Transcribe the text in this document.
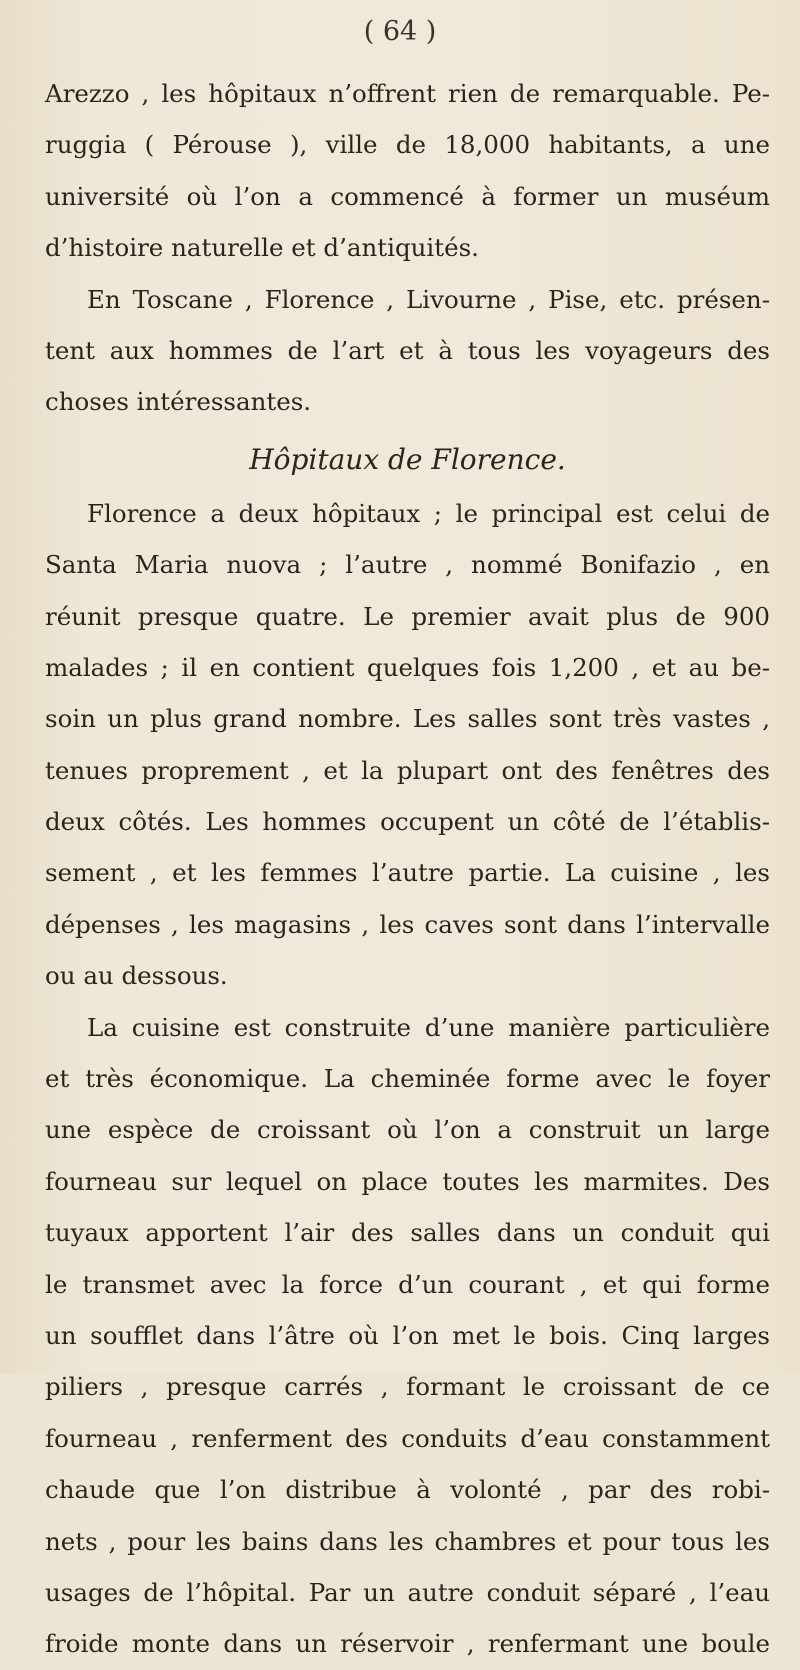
( 64 )
Arezzo , les hôpitaux n’offrent rien de remarquable. Pe-
ruggia ( Pérouse ), ville de 18,000 habitants, a une
université où l’on a commencé à former un muséum
d’histoire naturelle et d’antiquités.
En Toscane , Florence , Livourne , Pise, etc. présen-
tent aux hommes de l’art et à tous les voyageurs des
choses intéressantes.
Hôpitaux de Florence.
Florence a deux hôpitaux ; le principal est celui de
Santa Maria nuova ; l’autre , nommé Bonifazio , en
réunit presque quatre. Le premier avait plus de 900
malades ; il en contient quelques fois 1,200 , et au be-
soin un plus grand nombre. Les salles sont très vastes ,
tenues proprement , et la plupart ont des fenêtres des
deux côtés. Les hommes occupent un côté de l’établis-
sement , et les femmes l’autre partie. La cuisine , les
dépenses , les magasins , les caves sont dans l’intervalle
ou au dessous.
La cuisine est construite d’une manière particulière
et très économique. La cheminée forme avec le foyer
une espèce de croissant où l’on a construit un large
fourneau sur lequel on place toutes les marmites. Des
tuyaux apportent l’air des salles dans un conduit qui
le transmet avec la force d’un courant , et qui forme
un soufflet dans l’âtre où l’on met le bois. Cinq larges
piliers , presque carrés , formant le croissant de ce
fourneau , renferment des conduits d’eau constamment
chaude que l’on distribue à volonté , par des robi-
nets , pour les bains dans les chambres et pour tous les
usages de l’hôpital. Par un autre conduit séparé , l’eau
froide monte dans un réservoir , renfermant une boule
